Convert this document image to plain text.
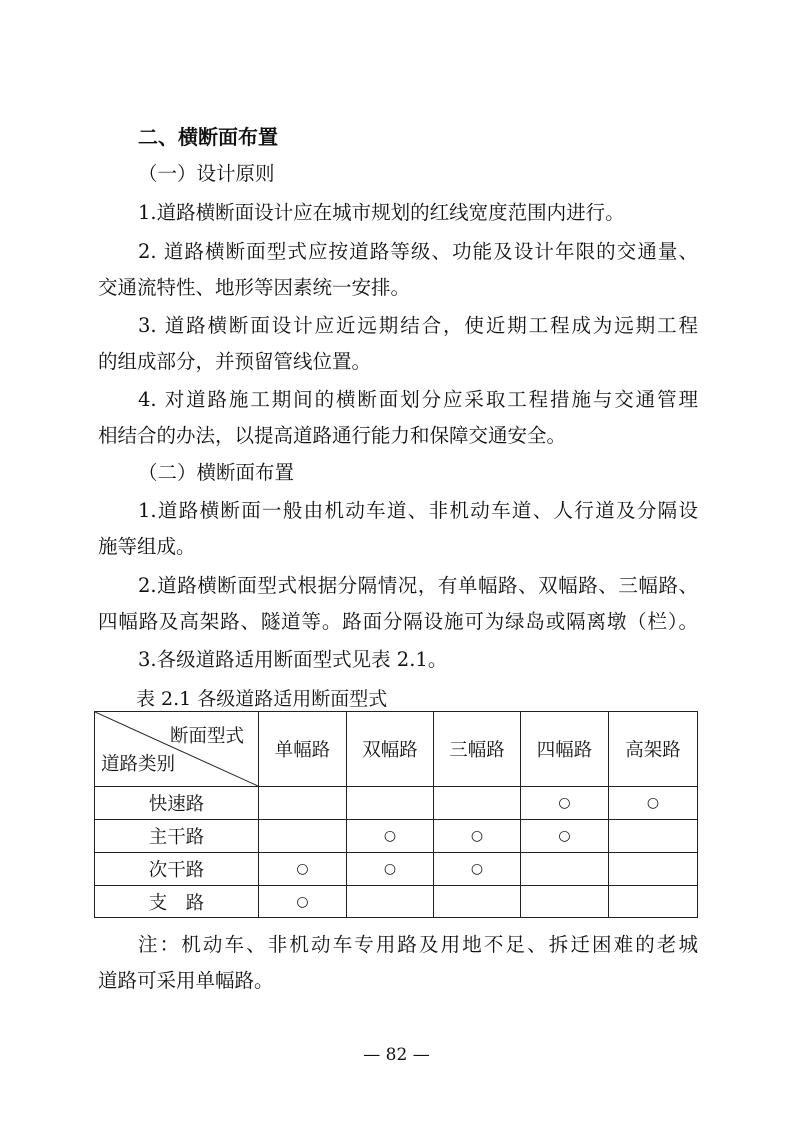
二、横断面布置
（一）设计原则
1.道路横断面设计应在城市规划的红线宽度范围内进行。
2. 道路横断面型式应按道路等级、功能及设计年限的交通量、
交通流特性、地形等因素统一安排。
3. 道路横断面设计应近远期结合，使近期工程成为远期工程
的组成部分，并预留管线位置。
4. 对道路施工期间的横断面划分应采取工程措施与交通管理
相结合的办法，以提高道路通行能力和保障交通安全。
（二）横断面布置
1.道路横断面一般由机动车道、非机动车道、人行道及分隔设
施等组成。
2.道路横断面型式根据分隔情况，有单幅路、双幅路、三幅路、
四幅路及高架路、隧道等。路面分隔设施可为绿岛或隔离墩（栏）。
3.各级道路适用断面型式见表 2.1。
表 2.1 各级道路适用断面型式
断面型式
道路类别	单幅路	双幅路	三幅路	四幅路	高架路
快速路				○	○
主干路		○	○	○	
次干路	○	○	○		
支　路	○				
注：机动车、非机动车专用路及用地不足、拆迁困难的老城
道路可采用单幅路。
— 82 —
